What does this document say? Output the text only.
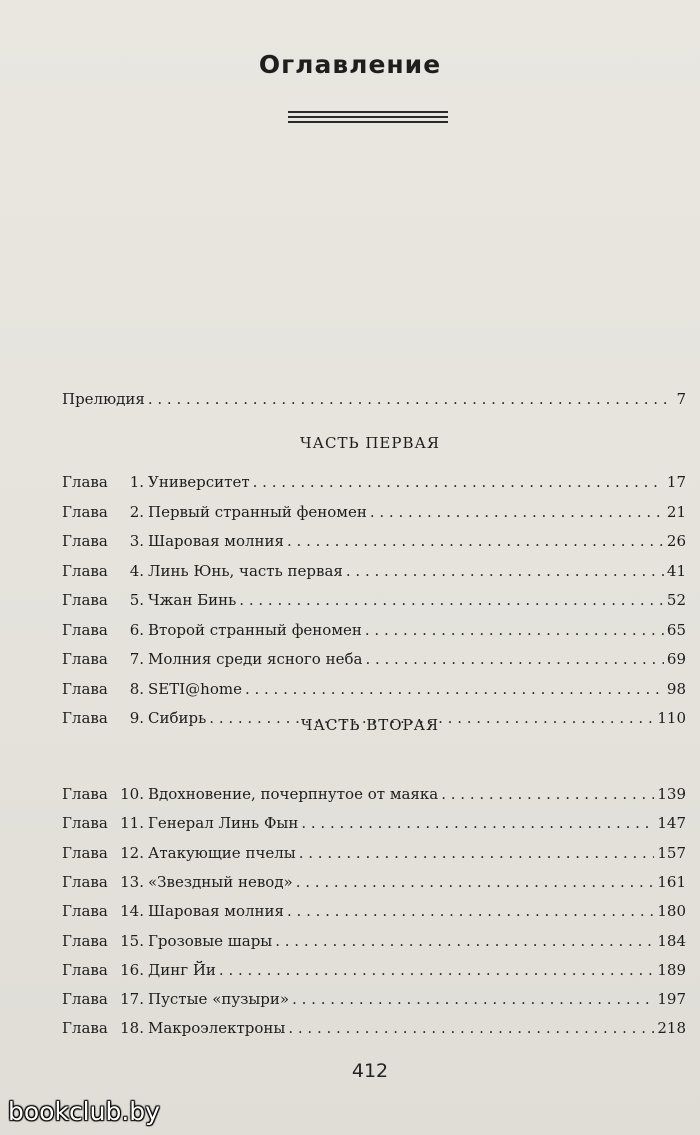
Оглавление
Прелюдия . . .	7
ЧАСТЬ ПЕРВАЯ
Глава	1. Университет . . .	17
Глава	2. Первый странный феномен . . .	21
Глава	3. Шаровая молния . . .	26
Глава	4. Линь Юнь, часть первая . . .	41
Глава	5. Чжан Бинь . . .	52
Глава	6. Второй странный феномен . . .	65
Глава	7. Молния среди ясного неба . . .	69
Глава	8. SETI@home . . .	98
Глава	9. Сибирь . . .	110
ЧАСТЬ ВТОРАЯ
Глава 10. Вдохновение, почерпнутое от маяка . . .	139
Глава 11. Генерал Линь Фын . . .	147
Глава 12. Атакующие пчелы . . .	157
Глава 13. «Звездный невод» . . .	161
Глава 14. Шаровая молния . . .	180
Глава 15. Грозовые шары . . .	184
Глава 16. Динг Йи . . .	189
Глава 17. Пустые «пузыри» . . .	197
Глава 18. Макроэлектроны . . .	218
412
bookclub.by
